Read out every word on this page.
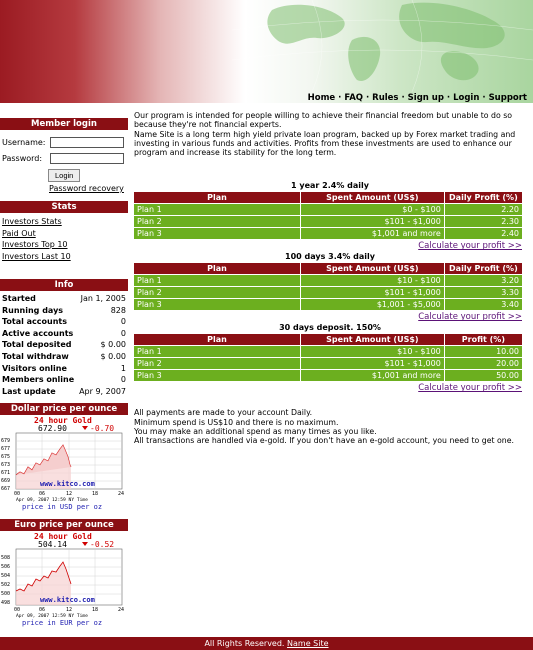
Home · FAQ · Rules · Sign up · Login · Support
Member login
Username:
Password:
Login
Password recovery
Stats
Investors Stats
Paid Out
Investors Top 10
Investors Last 10
Info
Started	Jan 1, 2005
Running days	828
Total accounts	0
Active accounts	0
Total deposited	$ 0.00
Total withdraw	$ 0.00
Visitors online	1
Members online	0
Last update	Apr 9, 2007
Dollar price per ounce
24 hour Gold
672.90	-0.70
679
677
675
673
671
669
667
00	06	12	18	24
www.kitco.com
Apr 09, 2007 12:59 NY Time
price in USD per oz
Euro price per ounce
24 hour Gold
504.14	-0.52
508
506
504
502
500
498
00	06	12	18	24
www.kitco.com
Apr 09, 2007 12:59 NY Time
price in EUR per oz

Our program is intended for people willing to achieve their financial freedom but unable to do so because they're not financial experts.

Name Site is a long term high yield private loan program, backed up by Forex market trading and investing in various funds and activities. Profits from these investments are used to enhance our program and increase its stability for the long term.

1 year 2.4% daily
Plan	Spent Amount (US$)	Daily Profit (%)
Plan 1	$0 - $100	2.20
Plan 2	$101 - $1,000	2.30
Plan 3	$1,001 and more	2.40
Calculate your profit >>
100 days 3.4% daily
Plan	Spent Amount (US$)	Daily Profit (%)
Plan 1	$10 - $100	3.20
Plan 2	$101 - $1,000	3.30
Plan 3	$1,001 - $5,000	3.40
Calculate your profit >>
30 days deposit. 150%
Plan	Spent Amount (US$)	Profit (%)
Plan 1	$10 - $100	10.00
Plan 2	$101 - $1,000	20.00
Plan 3	$1,001 and more	50.00
Calculate your profit >>

All payments are made to your account Daily.

Minimum spend is US$10 and there is no maximum.

You may make an additional spend as many times as you like.

All transactions are handled via e-gold. If you don't have an e-gold account, you need to get one.

All Rights Reserved. Name Site
